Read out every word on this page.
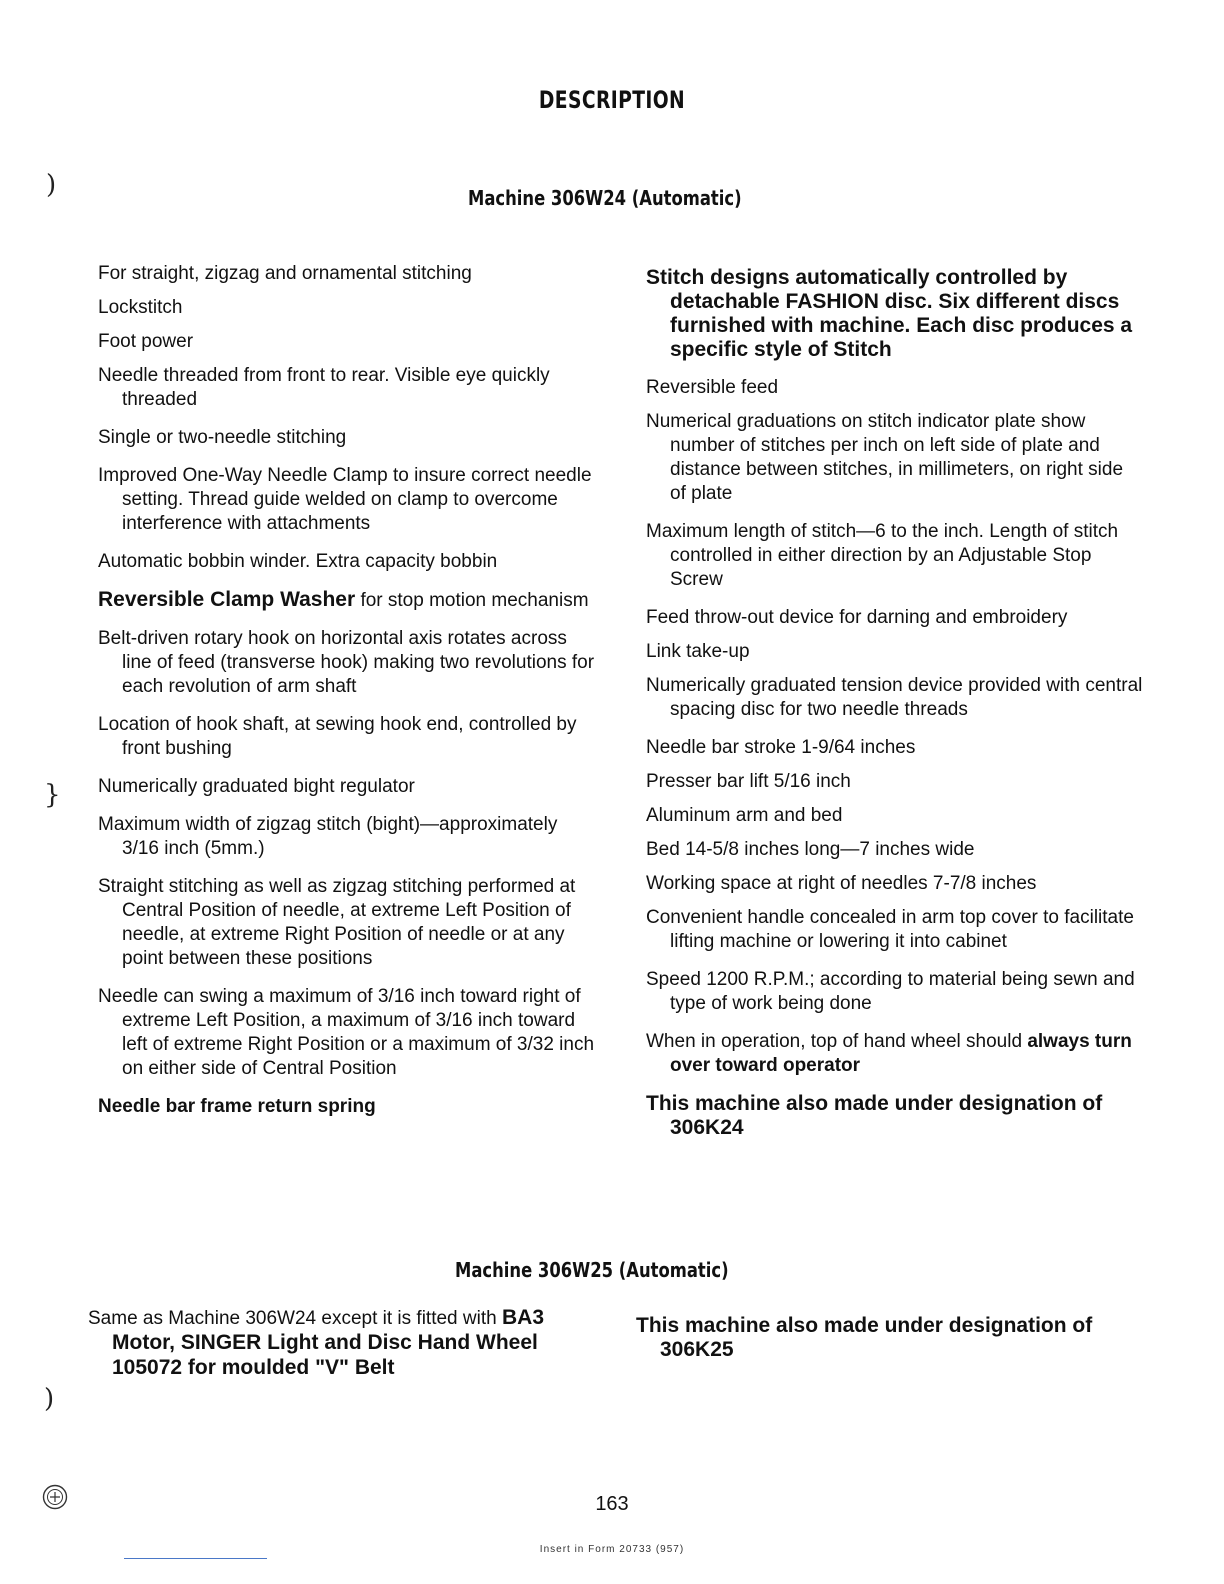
DESCRIPTION
Machine 306W24 (Automatic)

For straight, zigzag and ornamental stitching

Lockstitch

Foot power

Needle threaded from front to rear. Visible eye quickly threaded

Single or two-needle stitching

Improved One-Way Needle Clamp to insure correct needle setting. Thread guide welded on clamp to overcome interference with attachments

Automatic bobbin winder. Extra capacity bobbin

Reversible Clamp Washer for stop motion mechanism

Belt-driven rotary hook on horizontal axis rotates across line of feed (transverse hook) making two revolutions for each revolution of arm shaft

Location of hook shaft, at sewing hook end, controlled by front bushing

Numerically graduated bight regulator

Maximum width of zigzag stitch (bight)—approximately 3/16 inch (5mm.)

Straight stitching as well as zigzag stitching performed at Central Position of needle, at extreme Left Position of needle, at extreme Right Position of needle or at any point between these positions

Needle can swing a maximum of 3/16 inch toward right of extreme Left Position, a maximum of 3/16 inch toward left of extreme Right Position or a maximum of 3/32 inch on either side of Central Position

Needle bar frame return spring

Stitch designs automatically controlled by detachable FASHION disc. Six different discs furnished with machine. Each disc produces a specific style of Stitch

Reversible feed

Numerical graduations on stitch indicator plate show number of stitches per inch on left side of plate and distance between stitches, in millimeters, on right side of plate

Maximum length of stitch—6 to the inch. Length of stitch controlled in either direction by an Adjustable Stop Screw

Feed throw-out device for darning and embroidery

Link take-up

Numerically graduated tension device provided with central spacing disc for two needle threads

Needle bar stroke 1-9/64 inches

Presser bar lift 5/16 inch

Aluminum arm and bed

Bed 14-5/8 inches long—7 inches wide

Working space at right of needles 7-7/8 inches

Convenient handle concealed in arm top cover to facilitate lifting machine or lowering it into cabinet

Speed 1200 R.P.M.; according to material being sewn and type of work being done

When in operation, top of hand wheel should always turn over toward operator

This machine also made under designation of 306K24

Machine 306W25 (Automatic)

Same as Machine 306W24 except it is fitted with BA3 Motor, SINGER Light and Disc Hand Wheel 105072 for moulded "V" Belt

This machine also made under designation of 306K25

)
}
)
163
Insert in Form 20733 (957)
